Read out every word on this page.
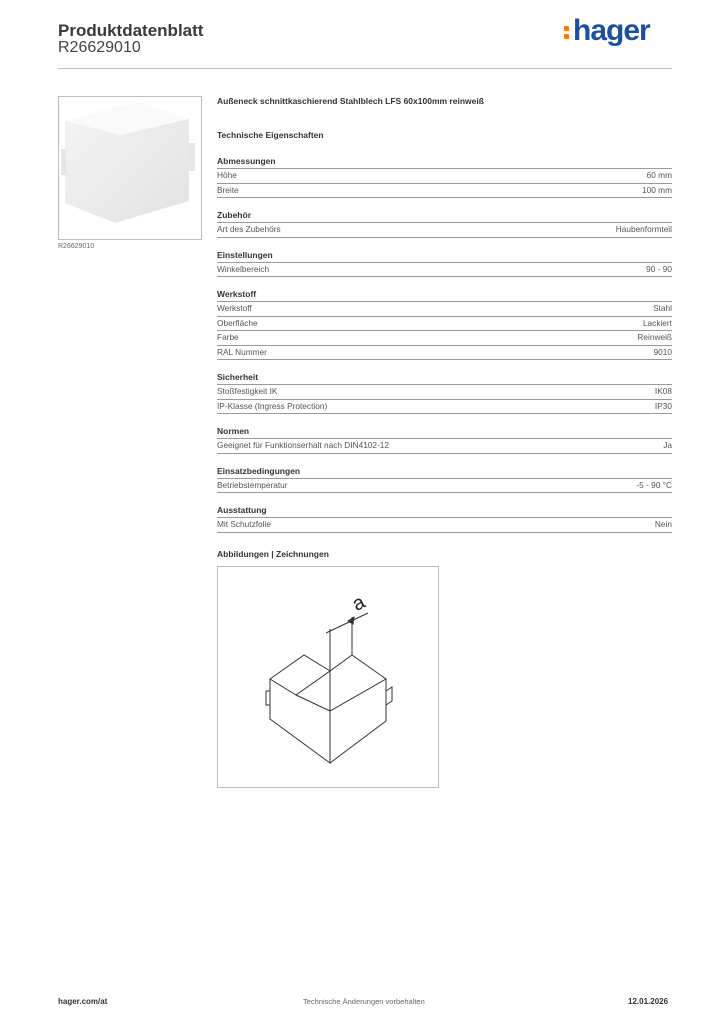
Produktdatenblatt
R26629010
hager
R26629010
Außeneck schnittkaschierend Stahlblech LFS 60x100mm reinweiß
Technische Eigenschaften
Abmessungen
Höhe	60 mm
Breite	100 mm
Zubehör
Art des Zubehörs	Haubenformteil
Einstellungen
Winkelbereich	90 - 90
Werkstoff
Werkstoff	Stahl
Oberfläche	Lackiert
Farbe	Reinweiß
RAL Nummer	9010
Sicherheit
Stoßfestigkeit IK	IK08
IP-Klasse (Ingress Protection)	IP30
Normen
Geeignet für Funktionserhalt nach DIN4102-12	Ja
Einsatzbedingungen
Betriebstemperatur	-5 - 90 °C
Ausstattung
Mit Schutzfolie	Nein
Abbildungen | Zeichnungen
a
hager.com/at	Technische Änderungen vorbehalten	12.01.2026
